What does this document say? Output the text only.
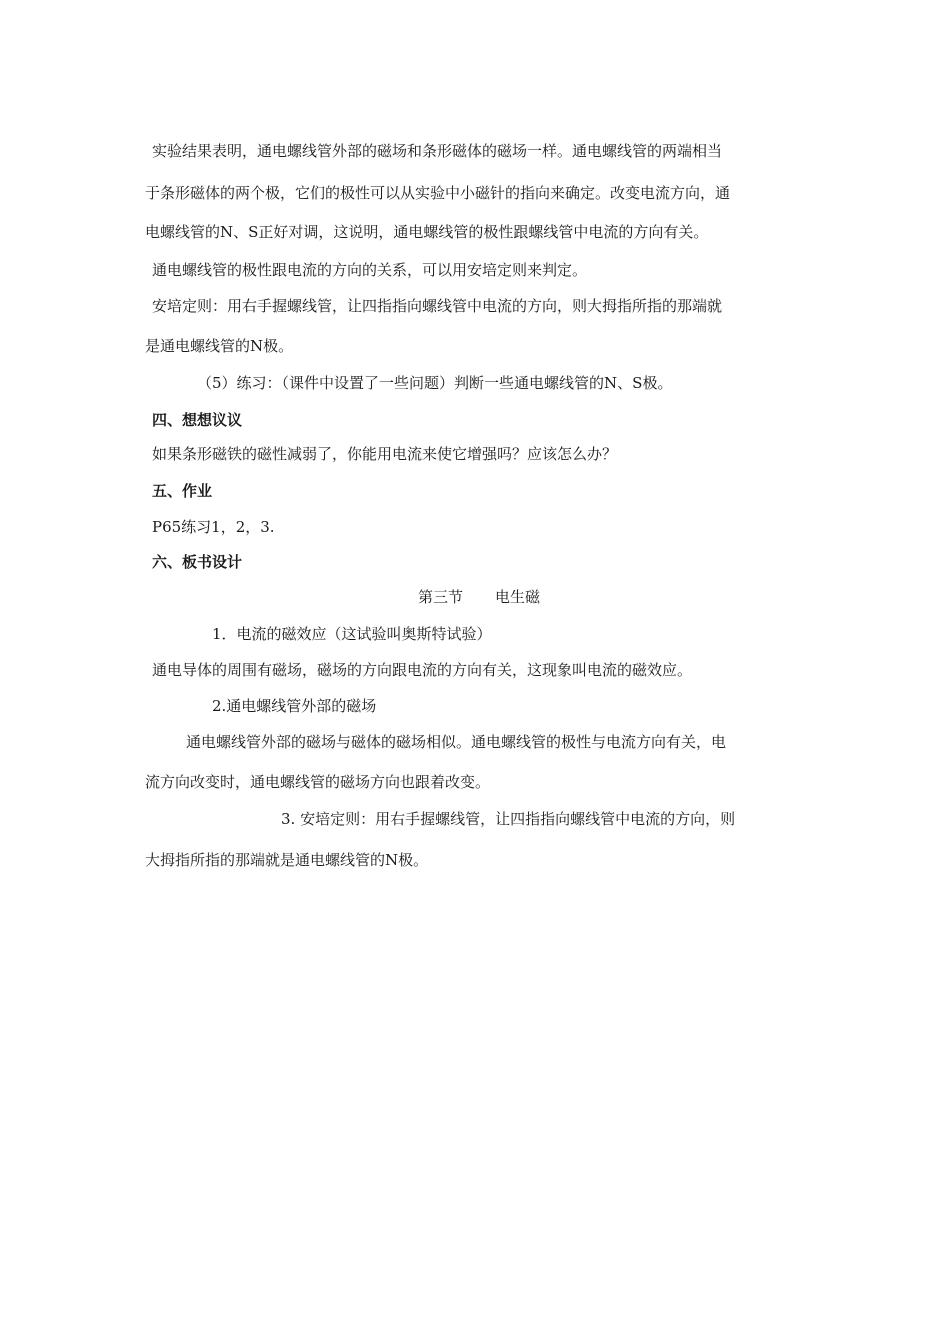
实验结果表明，通电螺线管外部的磁场和条形磁体的磁场一样。通电螺线管的两端相当
于条形磁体的两个极，它们的极性可以从实验中小磁针的指向来确定。改变电流方向，通
电螺线管的N、S正好对调，这说明，通电螺线管的极性跟螺线管中电流的方向有关。
通电螺线管的极性跟电流的方向的关系，可以用安培定则来判定。
安培定则：用右手握螺线管，让四指指向螺线管中电流的方向，则大拇指所指的那端就
是通电螺线管的N极。
（5）练习：（课件中设置了一些问题）判断一些通电螺线管的N、S极。
四、想想议议
如果条形磁铁的磁性减弱了，你能用电流来使它增强吗？应该怎么办？
五、作业
P65练习1，2，3.
六、板书设计
第三节 电生磁
1．电流的磁效应（这试验叫奥斯特试验）
通电导体的周围有磁场，磁场的方向跟电流的方向有关，这现象叫电流的磁效应。
2.通电螺线管外部的磁场
通电螺线管外部的磁场与磁体的磁场相似。通电螺线管的极性与电流方向有关，电
流方向改变时，通电螺线管的磁场方向也跟着改变。
3. 安培定则：用右手握螺线管，让四指指向螺线管中电流的方向，则
大拇指所指的那端就是通电螺线管的N极。
